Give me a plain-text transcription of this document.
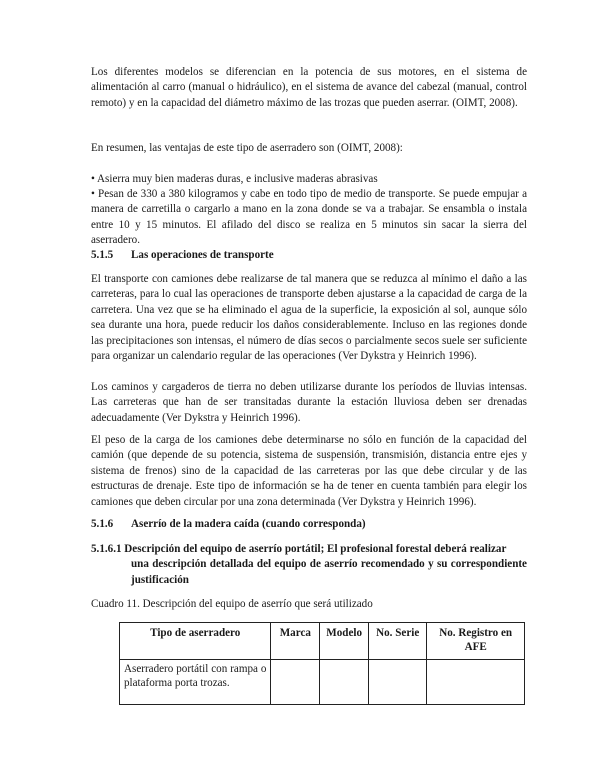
Los diferentes modelos se diferencian en la potencia de sus motores, en el sistema de alimentación al carro (manual o hidráulico), en el sistema de avance del cabezal (manual, control remoto) y en la capacidad del diámetro máximo de las trozas que pueden aserrar. (OIMT, 2008).

En resumen, las ventajas de este tipo de aserradero son (OIMT, 2008):

• Asierra muy bien maderas duras, e inclusive maderas abrasivas

• Pesan de 330 a 380 kilogramos y cabe en todo tipo de medio de transporte. Se puede empujar a manera de carretilla o cargarlo a mano en la zona donde se va a trabajar. Se ensambla o instala entre 10 y 15 minutos. El afilado del disco se realiza en 5 minutos sin sacar la sierra del aserradero.

5.1.5 Las operaciones de transporte

El transporte con camiones debe realizarse de tal manera que se reduzca al mínimo el daño a las carreteras, para lo cual las operaciones de transporte deben ajustarse a la capacidad de carga de la carretera. Una vez que se ha eliminado el agua de la superficie, la exposición al sol, aunque sólo sea durante una hora, puede reducir los daños considerablemente. Incluso en las regiones donde las precipitaciones son intensas, el número de días secos o parcialmente secos suele ser suficiente para organizar un calendario regular de las operaciones (Ver Dykstra y Heinrich 1996).

Los caminos y cargaderos de tierra no deben utilizarse durante los períodos de lluvias intensas. Las carreteras que han de ser transitadas durante la estación lluviosa deben ser drenadas adecuadamente (Ver Dykstra y Heinrich 1996).

El peso de la carga de los camiones debe determinarse no sólo en función de la capacidad del camión (que depende de su potencia, sistema de suspensión, transmisión, distancia entre ejes y sistema de frenos) sino de la capacidad de las carreteras por las que debe circular y de las estructuras de drenaje. Este tipo de información se ha de tener en cuenta también para elegir los camiones que deben circular por una zona determinada (Ver Dykstra y Heinrich 1996).

5.1.6 Aserrío de la madera caída (cuando corresponda)

5.1.6.1 Descripción del equipo de aserrío portátil; El profesional forestal deberá realizar
una descripción detallada del equipo de aserrío recomendado y su correspondiente justificación

Cuadro 11. Descripción del equipo de aserrío que será utilizado

Tipo de aserradero	Marca	Modelo	No. Serie	No. Registro en AFE
Aserradero portátil con rampa o plataforma porta trozas.				
